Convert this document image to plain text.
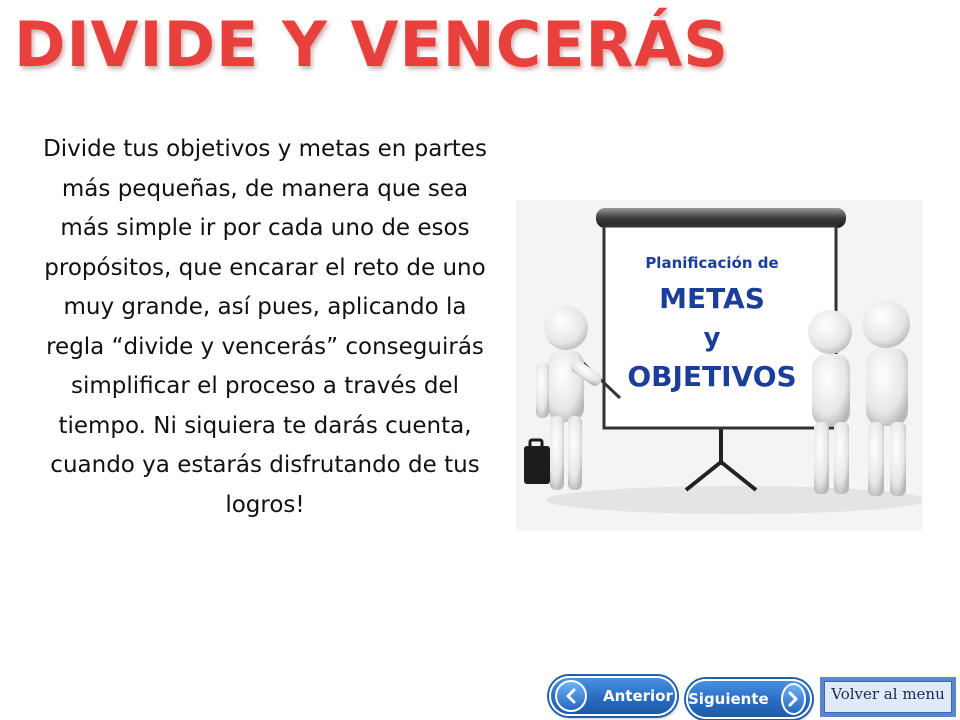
DIVIDE Y VENCERÁS

Divide tus objetivos y metas en partes más pequeñas, de manera que sea más simple ir por cada uno de esos propósitos, que encarar el reto de uno muy grande, así pues, aplicando la regla “divide y vencerás” conseguirás simplificar el proceso a través del tiempo. Ni siquiera te darás cuenta, cuando ya estarás disfrutando de tus logros!

Planificación de
METAS
y
OBJETIVOS
Anterior Siguiente	Volver al menu
